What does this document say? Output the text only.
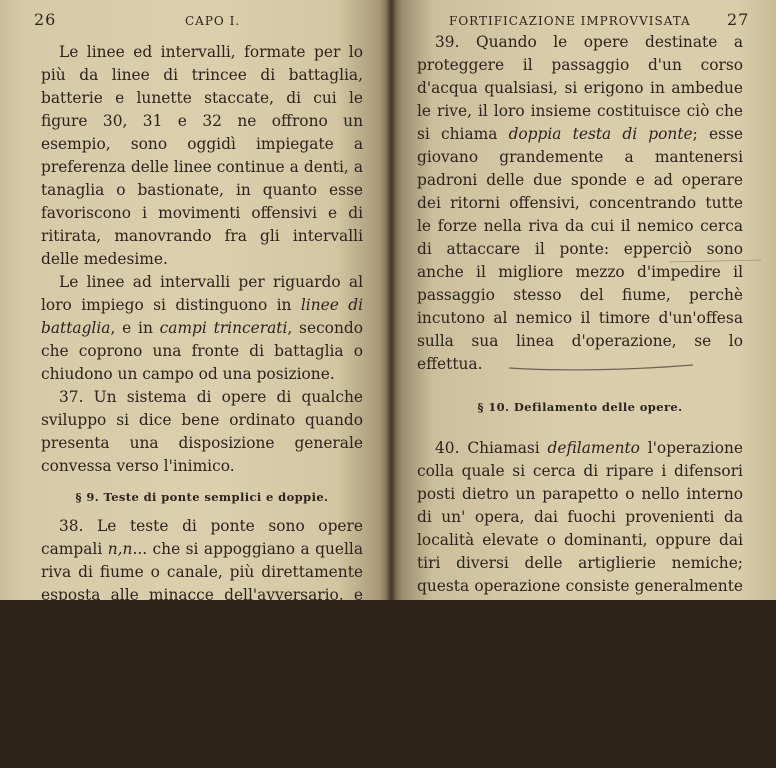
26	CAPO I.

Le linee ed intervalli, formate per lo più da linee di trincee di battaglia, batterie e lunette staccate, di cui le figure 30, 31 e 32 ne offrono un esempio, sono oggidì impiegate a preferenza delle linee continue a denti, a tanaglia o bastionate, in quanto esse favoriscono i movimenti offensivi e di ritirata, manovrando fra gli intervalli delle medesime.

Le linee ad intervalli per riguardo al loro impiego si distinguono in linee di battaglia, e in campi trincerati, secondo che coprono una fronte di battaglia o chiudono un campo od una posizione.

37. Un sistema di opere di qualche sviluppo si dice bene ordinato quando presenta una disposizione generale convessa verso l'inimico.

§ 9. Teste di ponte semplici e doppie.

38. Le teste di ponte sono opere campali n,n... che si appoggiano a quella riva di fiume o canale, più direttamente esposta alle minacce dell'avversario, e sono situate davanti ai ponti di cui vuolsi proteggere il passaggio; si collocano generalmente nei rientranti dei corsi d'acqua per poter mandare, dalle batterie b, b... della riva opposta, dei fuochi incrociati d' artiglieria avanti di esse (fig. 33 e 35).

FORTIFICAZIONE IMPROVVISATA 27

39. Quando le opere destinate a proteggere il passaggio d'un corso d'acqua qualsiasi, si erigono in ambedue le rive, il loro insieme costituisce ciò che si chiama doppia testa di ponte; esse giovano grandemente a mantenersi padroni delle due sponde e ad operare dei ritorni offensivi, concentrando tutte le forze nella riva da cui il nemico cerca di attaccare il ponte: epperciò sono anche il migliore mezzo d'impedire il passaggio stesso del fiume, perchè incutono al nemico il timore d'un'offesa sulla sua linea d'operazione, se lo effettua.

§ 10. Defilamento delle opere.

40. Chiamasi defilamento l'operazione colla quale si cerca di ripare i difensori posti dietro un parapetto o nello interno di un' opera, dai fuochi provenienti da località elevate o dominanti, oppure dai tiri diversi delle artiglierie nemiche; questa operazione consiste generalmente nella costruzione di traverse di terra, di parapetti scaglionati, di blinde di terra e legname od altri simili ripari che valgono a coprire i difensori dagli uni e dagli altri.

Nella fortificazione campale improvvisata, si
